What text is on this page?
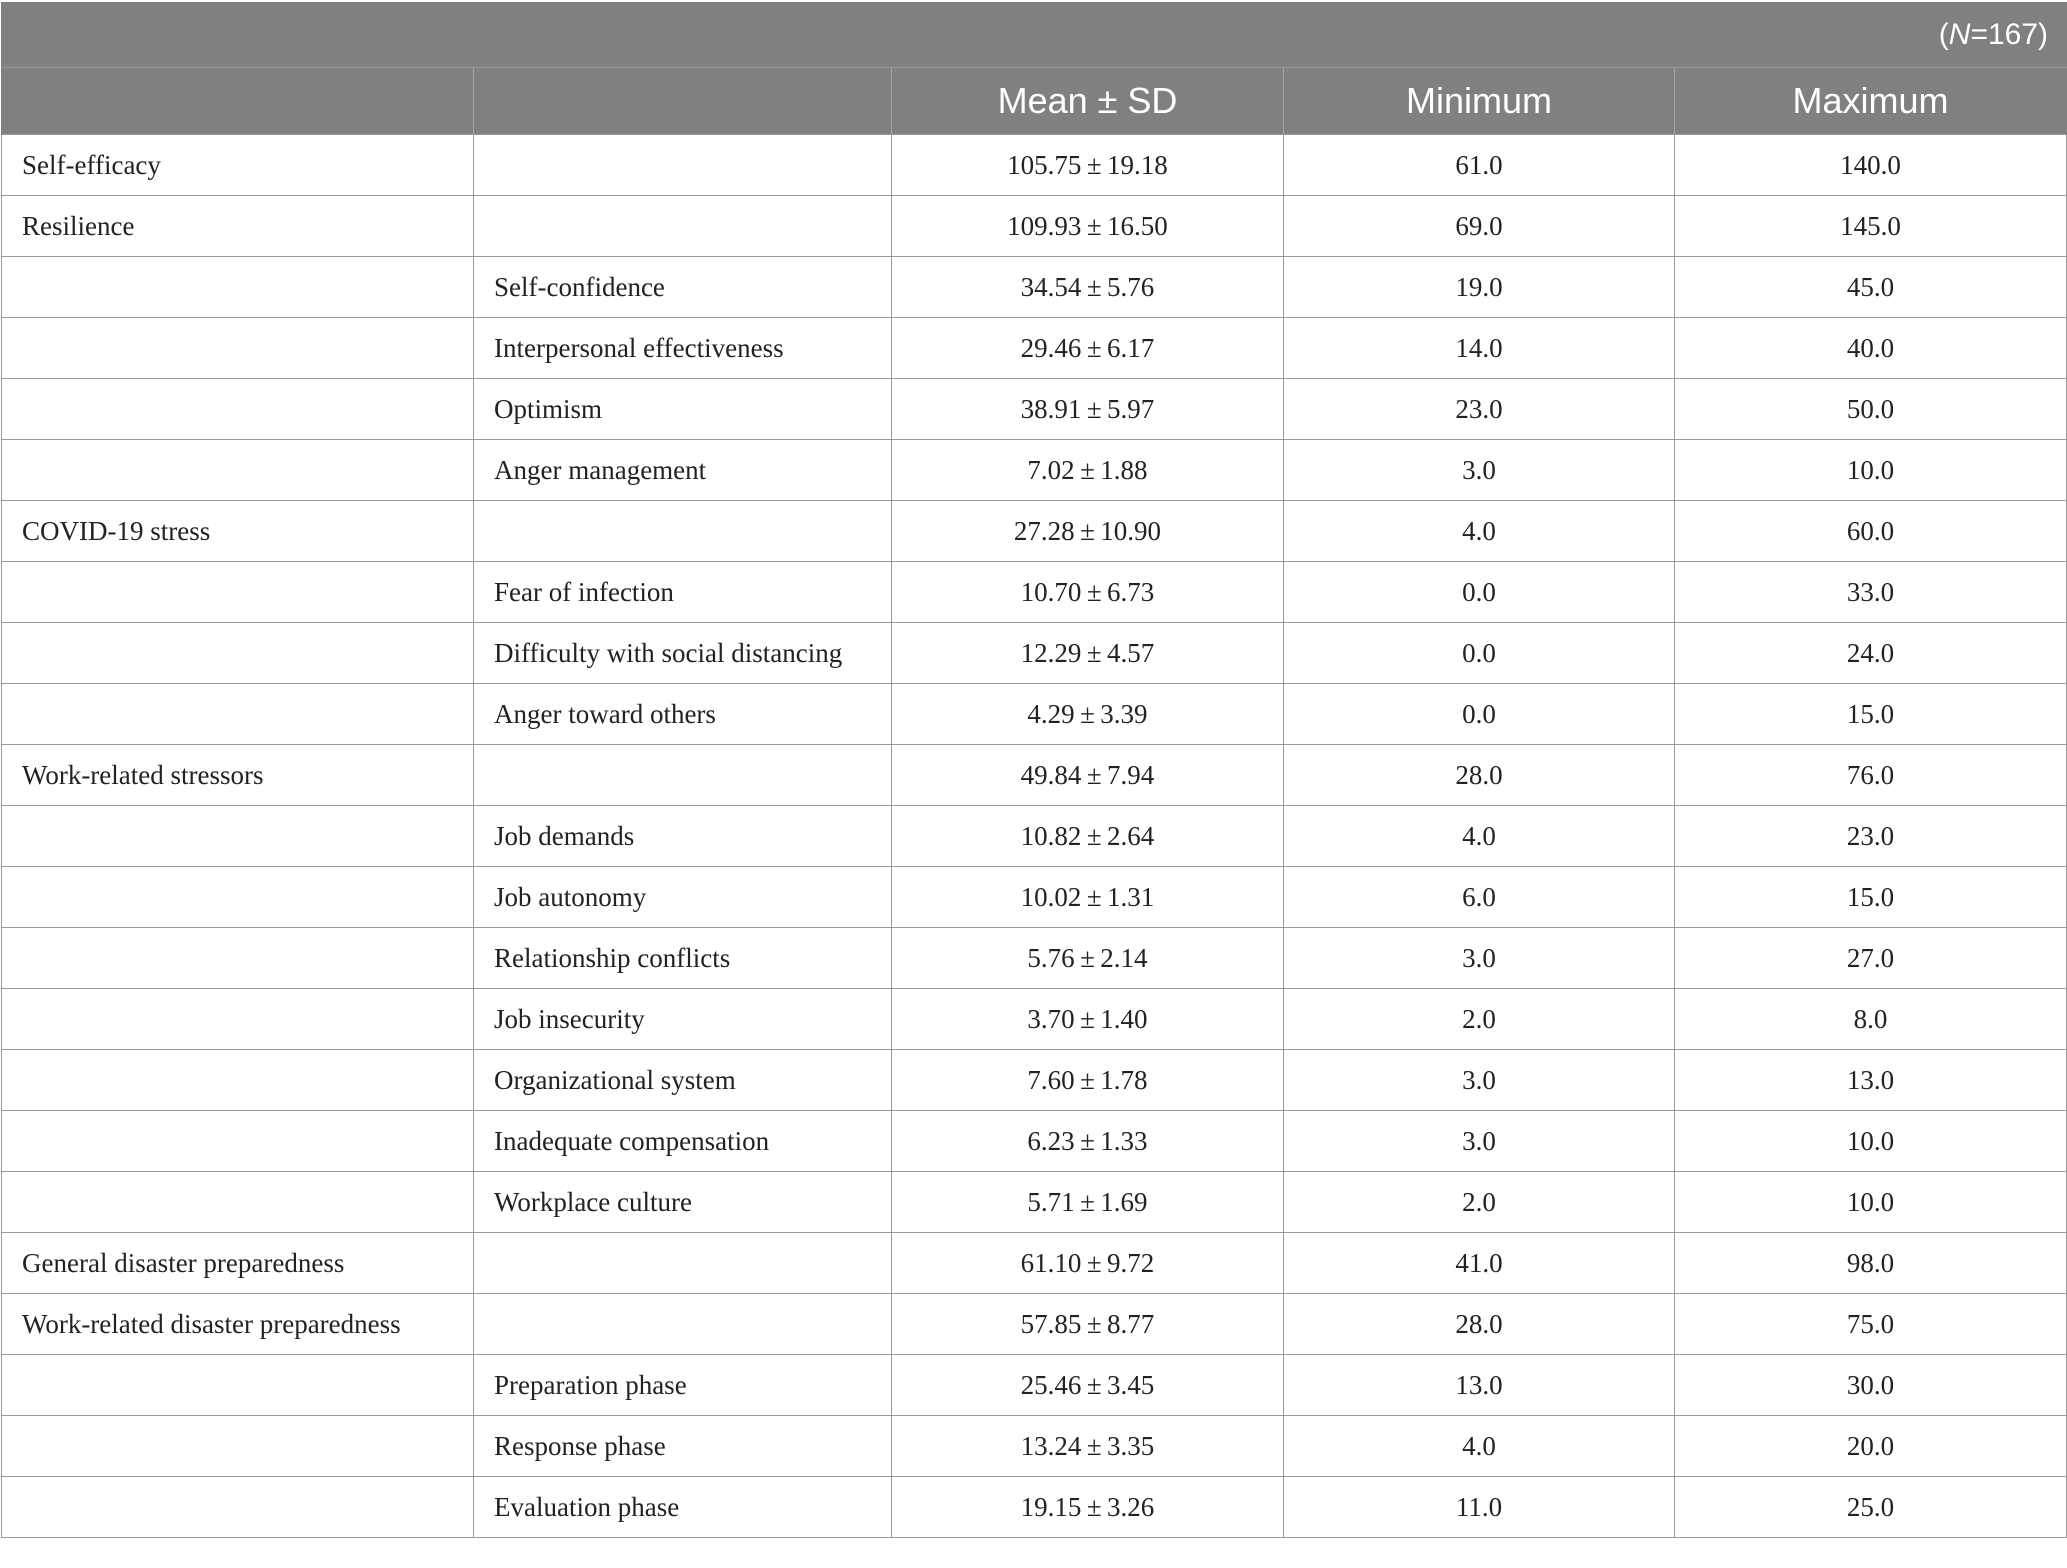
(N=167)				
		Mean ± SD	Minimum	Maximum
Self-efficacy		105.75 ± 19.18	61.0	140.0
Resilience		109.93 ± 16.50	69.0	145.0
	Self-confidence	34.54 ± 5.76	19.0	45.0
	Interpersonal effectiveness	29.46 ± 6.17	14.0	40.0
	Optimism	38.91 ± 5.97	23.0	50.0
	Anger management	7.02 ± 1.88	3.0	10.0
COVID-19 stress		27.28 ± 10.90	4.0	60.0
	Fear of infection	10.70 ± 6.73	0.0	33.0
	Difficulty with social distancing	12.29 ± 4.57	0.0	24.0
	Anger toward others	4.29 ± 3.39	0.0	15.0
Work-related stressors		49.84 ± 7.94	28.0	76.0
	Job demands	10.82 ± 2.64	4.0	23.0
	Job autonomy	10.02 ± 1.31	6.0	15.0
	Relationship conflicts	5.76 ± 2.14	3.0	27.0
	Job insecurity	3.70 ± 1.40	2.0	8.0
	Organizational system	7.60 ± 1.78	3.0	13.0
	Inadequate compensation	6.23 ± 1.33	3.0	10.0
	Workplace culture	5.71 ± 1.69	2.0	10.0
General disaster preparedness		61.10 ± 9.72	41.0	98.0
Work-related disaster preparedness		57.85 ± 8.77	28.0	75.0
	Preparation phase	25.46 ± 3.45	13.0	30.0
	Response phase	13.24 ± 3.35	4.0	20.0
	Evaluation phase	19.15 ± 3.26	11.0	25.0
